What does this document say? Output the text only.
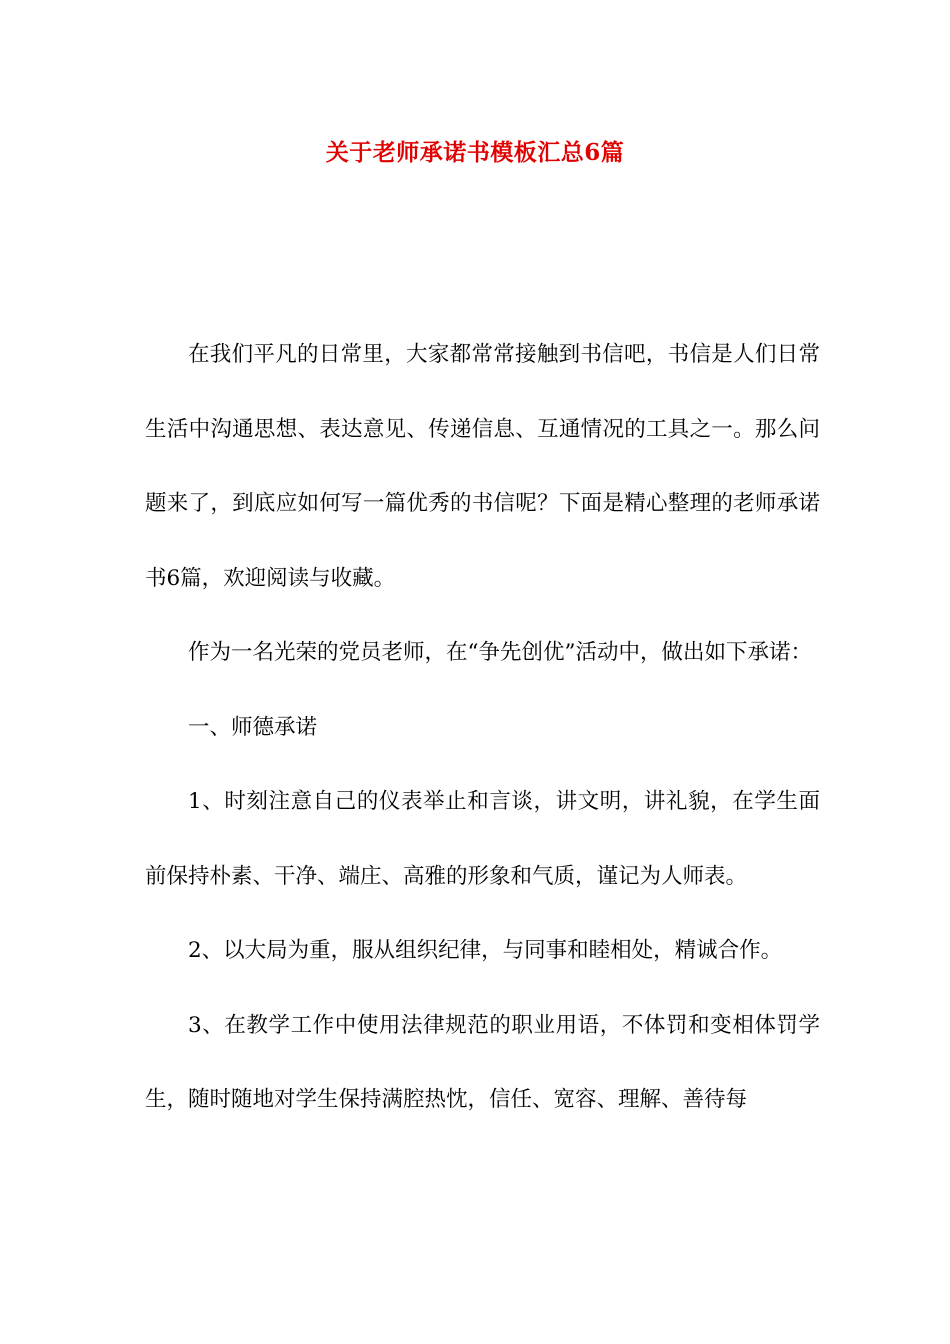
关于老师承诺书模板汇总6篇

在我们平凡的日常里，大家都常常接触到书信吧，书信是人们日常生活中沟通思想、表达意见、传递信息、互通情况的工具之一。那么问题来了，到底应如何写一篇优秀的书信呢？下面是精心整理的老师承诺书6篇，欢迎阅读与收藏。

作为一名光荣的党员老师，在“争先创优”活动中，做出如下承诺：

一、师德承诺

1、时刻注意自己的仪表举止和言谈，讲文明，讲礼貌，在学生面前保持朴素、干净、端庄、高雅的形象和气质，谨记为人师表。

2、以大局为重，服从组织纪律，与同事和睦相处，精诚合作。

3、在教学工作中使用法律规范的职业用语，不体罚和变相体罚学生，随时随地对学生保持满腔热忱，信任、宽容、理解、善待每
